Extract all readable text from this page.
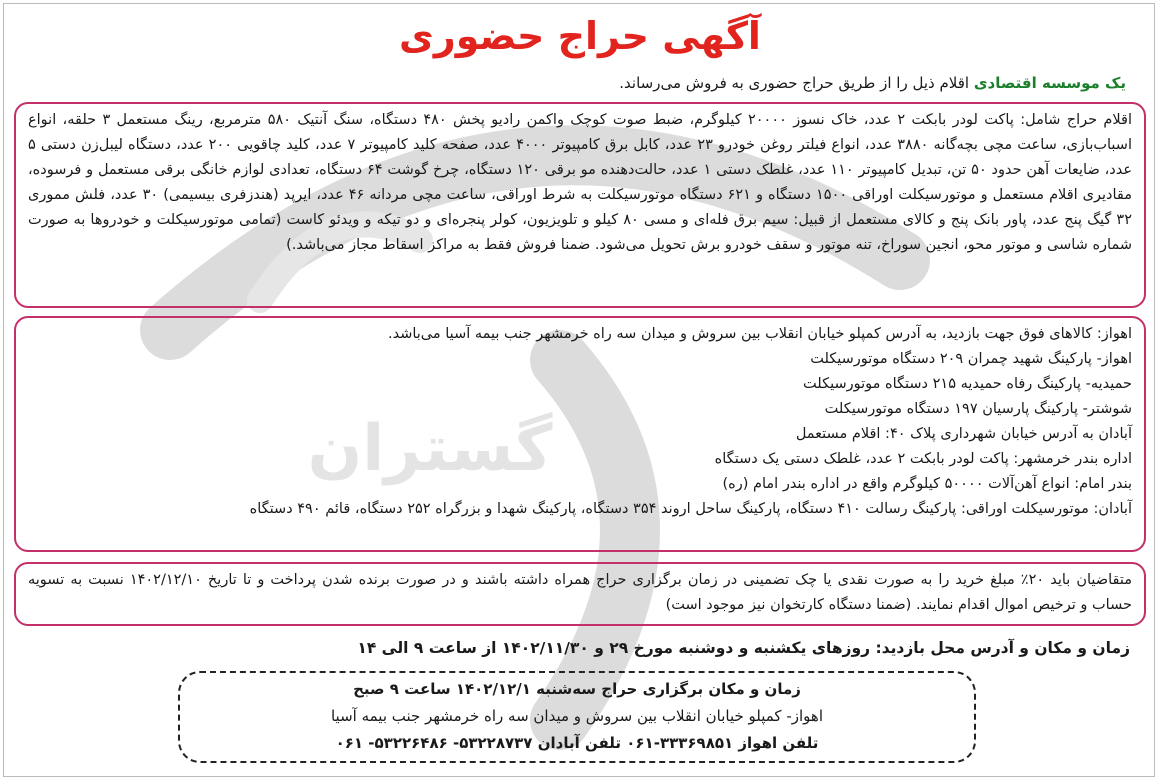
گستران
آگهی حراج حضوری
یک موسسه اقتصادی اقلام ذیل را از طریق حراج حضوری به فروش می‌رساند.

اقلام حراج شامل: پاکت لودر بابکت ۲ عدد، خاک نسوز ۲۰۰۰۰ کیلوگرم، ضبط صوت کوچک واکمن رادیو پخش ۴۸۰ دستگاه، سنگ آنتیک ۵۸۰ مترمربع، رینگ مستعمل ۳ حلقه، انواع اسباب‌بازی، ساعت مچی بچه‌گانه ۳۸۸۰ عدد، انواع فیلتر روغن خودرو ۲۳ عدد، کابل برق کامپیوتر ۴۰۰۰ عدد، صفحه کلید کامپیوتر ۷ عدد، کلید چاقویی ۲۰۰ عدد، دستگاه لیبل‌زن دستی ۵ عدد، ضایعات آهن حدود ۵۰ تن، تبدیل کامپیوتر ۱۱۰ عدد، غلطک دستی ۱ عدد، حالت‌دهنده مو برقی ۱۲۰ دستگاه، چرخ گوشت ۶۴ دستگاه، تعدادی لوازم خانگی برقی مستعمل و فرسوده، مقادیری اقلام مستعمل و موتورسیکلت اوراقی ۱۵۰۰ دستگاه و ۶۲۱ دستگاه موتورسیکلت به شرط اوراقی، ساعت مچی مردانه ۴۶ عدد، ایرپد (هندزفری بیسیمی) ۳۰ عدد، فلش مموری ۳۲ گیگ پنج عدد، پاور بانک پنج و کالای مستعمل از قبیل: سیم برق فله‌ای و مسی ۸۰ کیلو و تلویزیون، کولر پنجره‌ای و دو تیکه و ویدئو کاست (تمامی موتورسیکلت و خودروها به صورت شماره شاسی و موتور محو، انجین سوراخ، تنه موتور و سقف خودرو برش تحویل می‌شود. ضمنا فروش فقط به مراکز اسقاط مجاز می‌باشد.)

اهواز: کالاهای فوق جهت بازدید، به آدرس کمپلو خیابان انقلاب بین سروش و میدان سه راه خرمشهر جنب بیمه آسیا می‌باشد.

اهواز- پارکینگ شهید چمران ۲۰۹ دستگاه موتورسیکلت

حمیدیه- پارکینگ رفاه حمیدیه ۲۱۵ دستگاه موتورسیکلت

شوشتر- پارکینگ پارسیان ۱۹۷ دستگاه موتورسیکلت

آبادان به آدرس خیابان شهرداری پلاک ۴۰: اقلام مستعمل

اداره بندر خرمشهر: پاکت لودر بابکت ۲ عدد، غلطک دستی یک دستگاه

بندر امام: انواع آهن‌آلات ۵۰۰۰۰ کیلوگرم واقع در اداره بندر امام (ره)

آبادان: موتورسیکلت اوراقی: پارکینگ رسالت ۴۱۰ دستگاه، پارکینگ ساحل اروند ۳۵۴ دستگاه، پارکینگ شهدا و بزرگراه ۲۵۲ دستگاه، قائم ۴۹۰ دستگاه

متقاضیان باید ۲۰٪ مبلغ خرید را به صورت نقدی یا چک تضمینی در زمان برگزاری حراج همراه داشته باشند و در صورت برنده شدن پرداخت و تا تاریخ ۱۴۰۲/۱۲/۱۰ نسبت به تسویه حساب و ترخیص اموال اقدام نمایند. (ضمنا دستگاه کارتخوان نیز موجود است)

زمان و مکان و آدرس محل بازدید: روزهای یکشنبه و دوشنبه مورخ ۲۹ و ۱۴۰۲/۱۱/۳۰ از ساعت ۹ الی ۱۴
زمان و مکان برگزاری حراج سه‌شنبه ۱۴۰۲/۱۲/۱ ساعت ۹ صبح
اهواز- کمپلو خیابان انقلاب بین سروش و میدان سه راه خرمشهر جنب بیمه آسیا
تلفن اهواز ۳۳۳۶۹۸۵۱-۰۶۱ تلفن آبادان ۵۳۲۲۸۷۳۷- ۵۳۲۲۶۴۸۶- ۰۶۱
